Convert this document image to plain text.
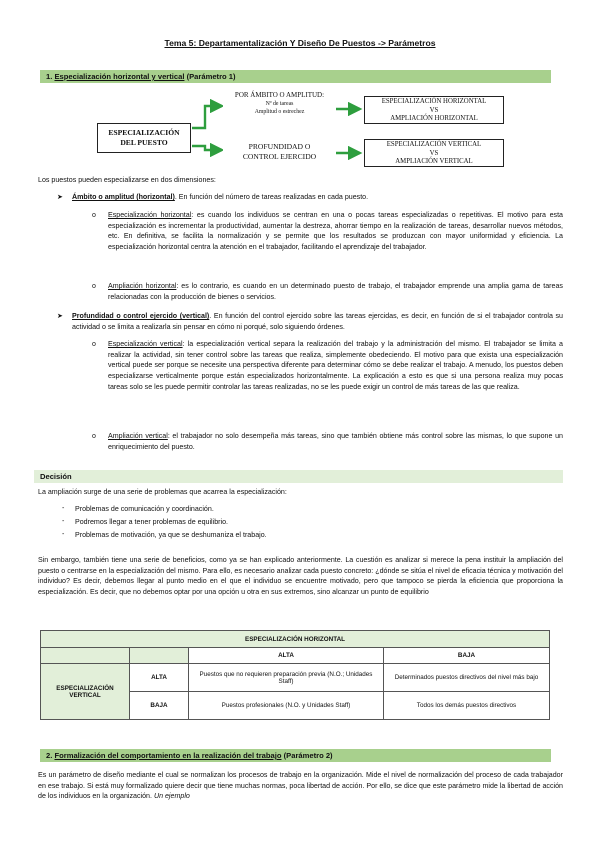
Tema 5: Departamentalización Y Diseño De Puestos -> Parámetros
1. Especialización horizontal y vertical (Parámetro 1)
ESPECIALIZACIÓN
DEL PUESTO
POR ÁMBITO O AMPLITUD:
Nº de tareas
Amplitud o estrechez
PROFUNDIDAD O
CONTROL EJERCIDO
ESPECIALIZACIÓN HORIZONTAL
VS
AMPLIACIÓN HORIZONTAL
ESPECIALIZACIÓN VERTICAL
VS
AMPLIACIÓN VERTICAL
Los puestos pueden especializarse en dos dimensiones:
➤ Ámbito o amplitud (horizontal). En función del número de tareas realizadas en cada puesto.
o Especialización horizontal: es cuando los individuos se centran en una o pocas tareas especializadas o repetitivas. El motivo para esta especialización es incrementar la productividad, aumentar la destreza, ahorrar tiempo en la realización de tareas, desarrollar nuevos métodos, etc. En definitiva, se facilita la normalización y se permite que los resultados se produzcan con mayor uniformidad y eficiencia. La especialización horizontal centra la atención en el trabajador, facilitando el aprendizaje del trabajador.
o Ampliación horizontal: es lo contrario, es cuando en un determinado puesto de trabajo, el trabajador emprende una amplia gama de tareas relacionadas con la producción de bienes o servicios.
➤ Profundidad o control ejercido (vertical). En función del control ejercido sobre las tareas ejercidas, es decir, en función de si el trabajador controla su actividad o se limita a realizarla sin pensar en cómo ni porqué, solo siguiendo órdenes.
o Especialización vertical: la especialización vertical separa la realización del trabajo y la administración del mismo. El trabajador se limita a realizar la actividad, sin tener control sobre las tareas que realiza, simplemente obedeciendo. El motivo para que exista una especialización vertical puede ser porque se necesite una perspectiva diferente para determinar cómo se debe realizar el trabajo. A menudo, los puestos deben especializarse verticalmente porque están especializados horizontalmente. La explicación a esto es que si una persona realiza muy pocas tareas solo se les puede permitir controlar las tareas realizadas, no se les puede exigir un control de más tareas de las que realiza.
o Ampliación vertical: el trabajador no solo desempeña más tareas, sino que también obtiene más control sobre las mismas, lo que supone un enriquecimiento del puesto.
Decisión
La ampliación surge de una serie de problemas que acarrea la especialización:
- Problemas de comunicación y coordinación.
- Podremos llegar a tener problemas de equilibrio.
- Problemas de motivación, ya que se deshumaniza el trabajo.
Sin embargo, también tiene una serie de beneficios, como ya se han explicado anteriormente. La cuestión es analizar si merece la pena instituir la ampliación del puesto o centrarse en la especialización del mismo. Para ello, es necesario analizar cada puesto concreto: ¿dónde se sitúa el nivel de eficacia técnica y motivación del individuo? Es decir, debemos llegar al punto medio en el que el individuo se encuentre motivado, pero que tampoco se pierda la eficiencia que proporciona la especialización. Es decir, que no debemos optar por una opción u otra en sus extremos, sino alcanzar un punto de equilibrio
ESPECIALIZACIÓN HORIZONTAL			
		ALTA	BAJA
ESPECIALIZACIÓN VERTICAL	ALTA	Puestos que no requieren preparación previa (N.O.; Unidades Staff)	Determinados puestos directivos del nivel más bajo
	BAJA	Puestos profesionales (N.O. y Unidades Staff)	Todos los demás puestos directivos
2. Formalización del comportamiento en la realización del trabajo (Parámetro 2)
Es un parámetro de diseño mediante el cual se normalizan los procesos de trabajo en la organización. Mide el nivel de normalización del proceso de cada trabajador en ese trabajo. Si está muy formalizado quiere decir que tiene muchas normas, poca libertad de acción. Por ello, se dice que este parámetro mide la libertad de acción de los individuos en la organización. Un ejemplo
